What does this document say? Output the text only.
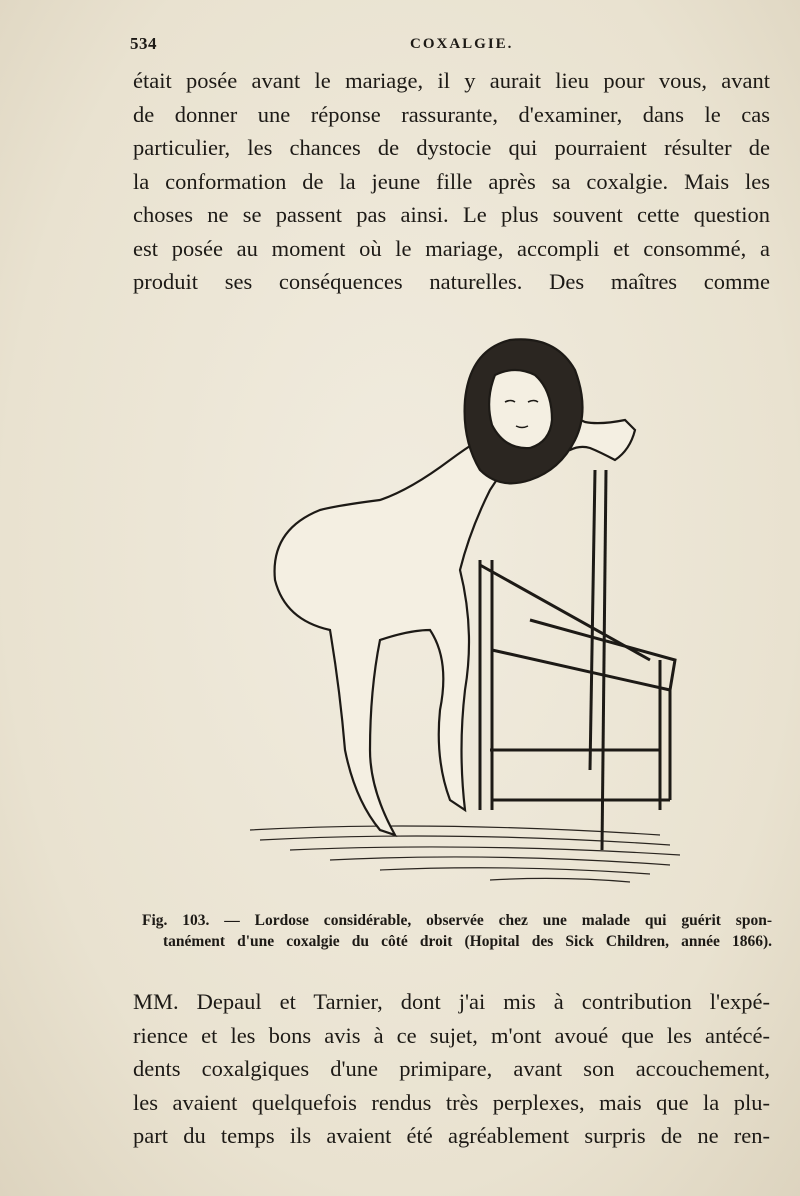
534	COXALGIE.
était posée avant le mariage, il y aurait lieu pour vous, avant
de donner une réponse rassurante, d'examiner, dans le cas
particulier, les chances de dystocie qui pourraient résulter de
la conformation de la jeune fille après sa coxalgie. Mais les
choses ne se passent pas ainsi. Le plus souvent cette question
est posée au moment où le mariage, accompli et consommé, a
produit ses conséquences naturelles. Des maîtres comme
Fig. 103. — Lordose considérable, observée chez une malade qui guérit spon-
tanément d'une coxalgie du côté droit (Hopital des Sick Children, année 1866).
MM. Depaul et Tarnier, dont j'ai mis à contribution l'expé-
rience et les bons avis à ce sujet, m'ont avoué que les antécé-
dents coxalgiques d'une primipare, avant son accouchement,
les avaient quelquefois rendus très perplexes, mais que la plu-
part du temps ils avaient été agréablement surpris de ne ren-
